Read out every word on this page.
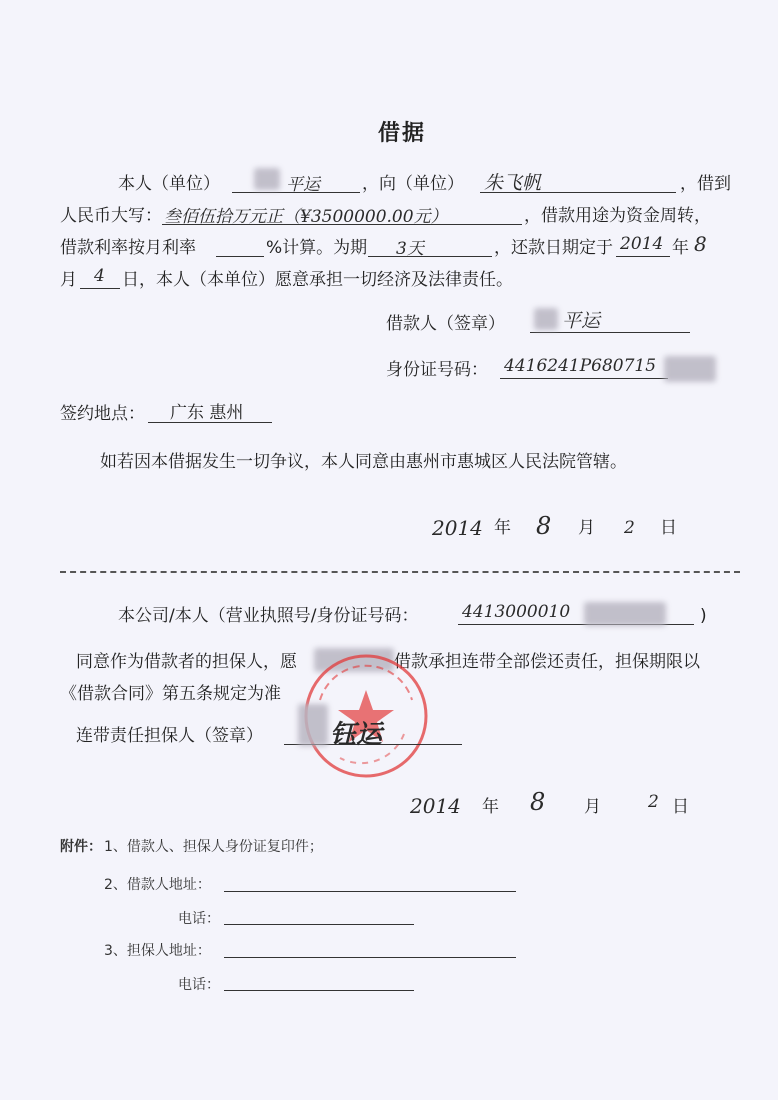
借据
本人（单位）	平运 ，向（单位） 朱飞帆	，借到
人民币大写： 叁佰伍拾万元正（¥3500000.00元）	，借款用途为资金周转，
借款利率按月利率	%计算。为期 3天	，还款日期定于 2014 年 8
月 4 日，本人（本单位）愿意承担一切经济及法律责任。
借款人（签章）	平运
身份证号码： 4416241P680715
签约地点： 广东 惠州
如若因本借据发生一切争议，本人同意由惠州市惠城区人民法院管辖。
2014 年 8 月 2 日
本公司/本人（营业执照号/身份证号码：	4413000010	)
同意作为借款者的担保人，愿	借款承担连带全部偿还责任，担保期限以
《借款合同》第五条规定为准
连带责任担保人（签章）	钰运
2014 年 8 月	2 日
附件： 1、借款人、担保人身份证复印件；
2、借款人地址：
电话：
3、担保人地址：
电话：
